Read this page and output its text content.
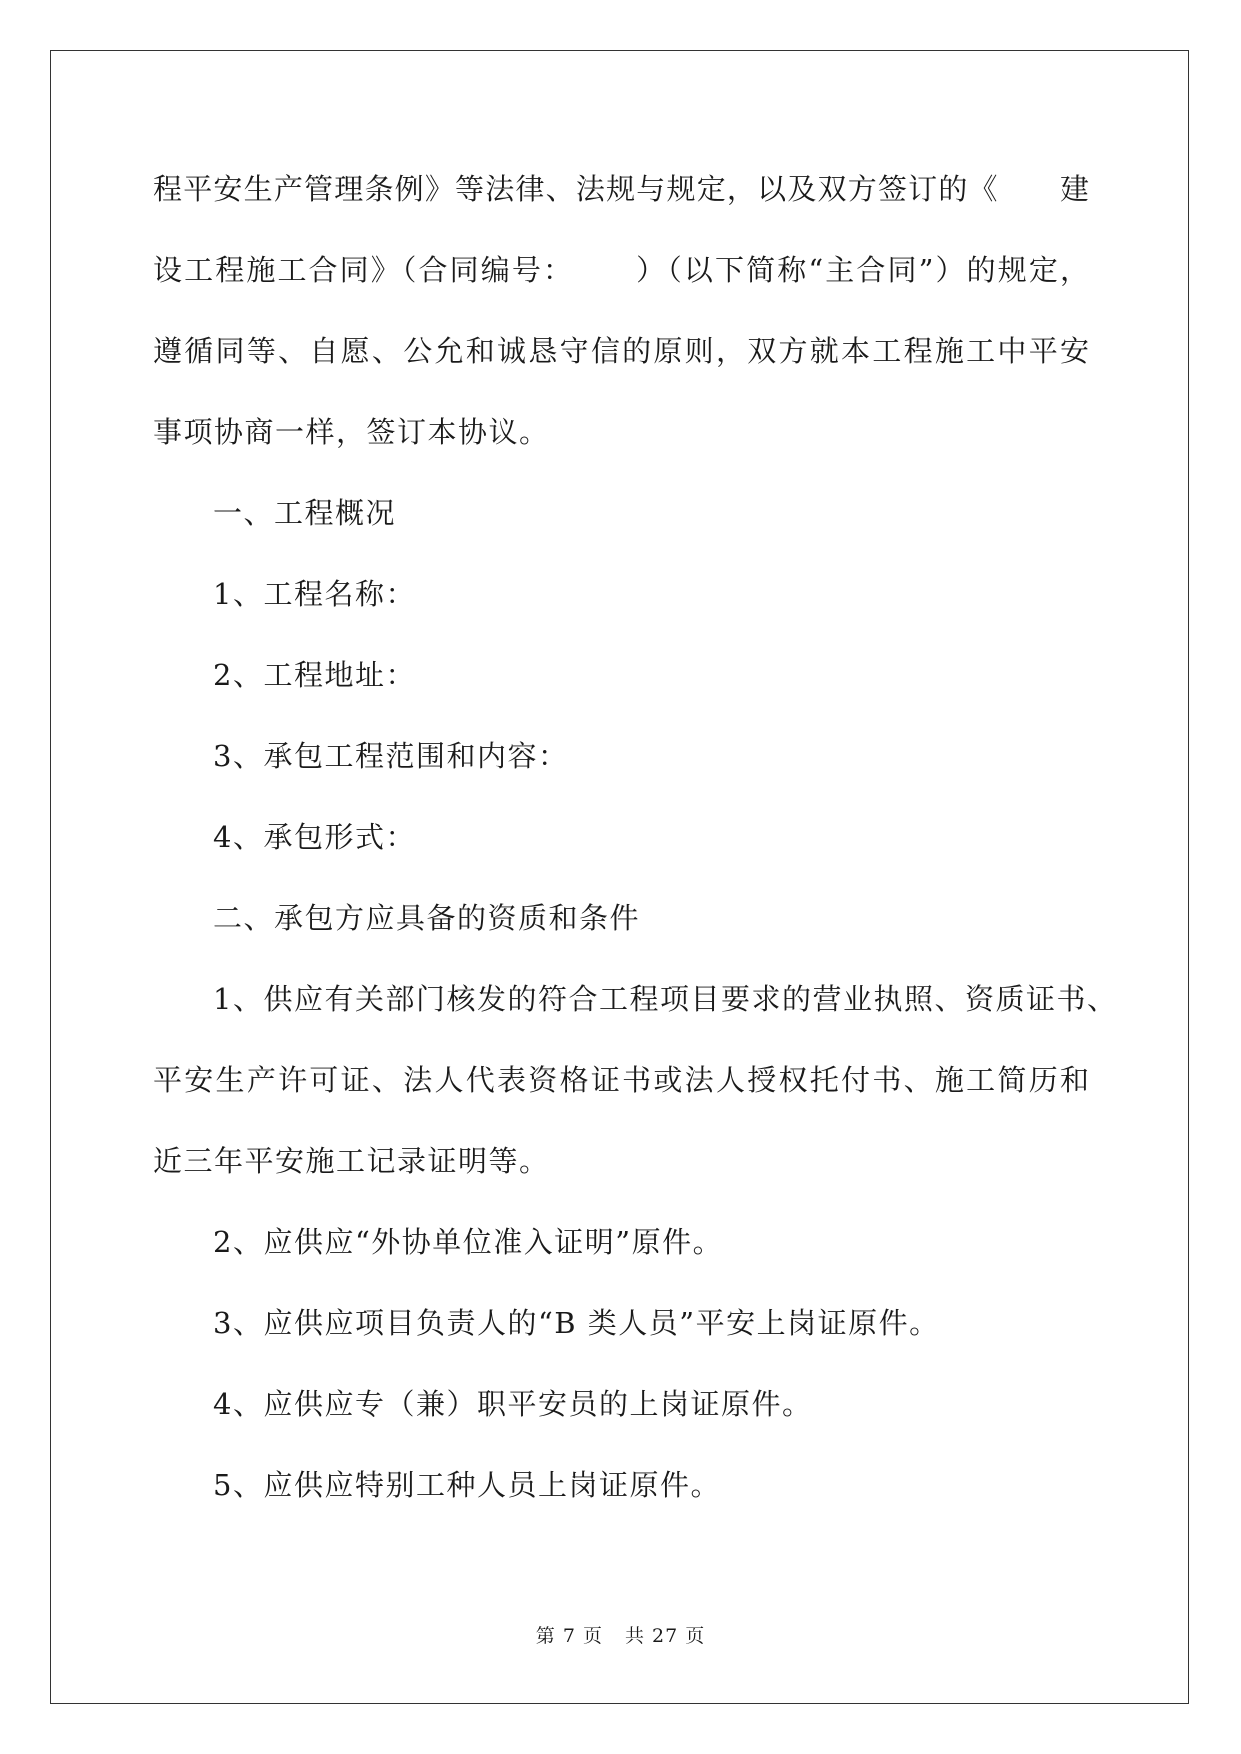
程平安生产管理条例》等法律、法规与规定，以及双方签订的《 建
设工程施工合同》（合同编号： ）（以下简称“主合同”）的规定，
遵循同等、自愿、公允和诚恳守信的原则，双方就本工程施工中平安
事项协商一样，签订本协议。
一、工程概况
1、工程名称：
2、工程地址：
3、承包工程范围和内容：
4、承包形式：
二、承包方应具备的资质和条件
1、供应有关部门核发的符合工程项目要求的营业执照、资质证书、
平安生产许可证、法人代表资格证书或法人授权托付书、施工简历和
近三年平安施工记录证明等。
2、应供应“外协单位准入证明”原件。
3、应供应项目负责人的“B 类人员”平安上岗证原件。
4、应供应专（兼）职平安员的上岗证原件。
5、应供应特别工种人员上岗证原件。
第 7 页 共 27 页
